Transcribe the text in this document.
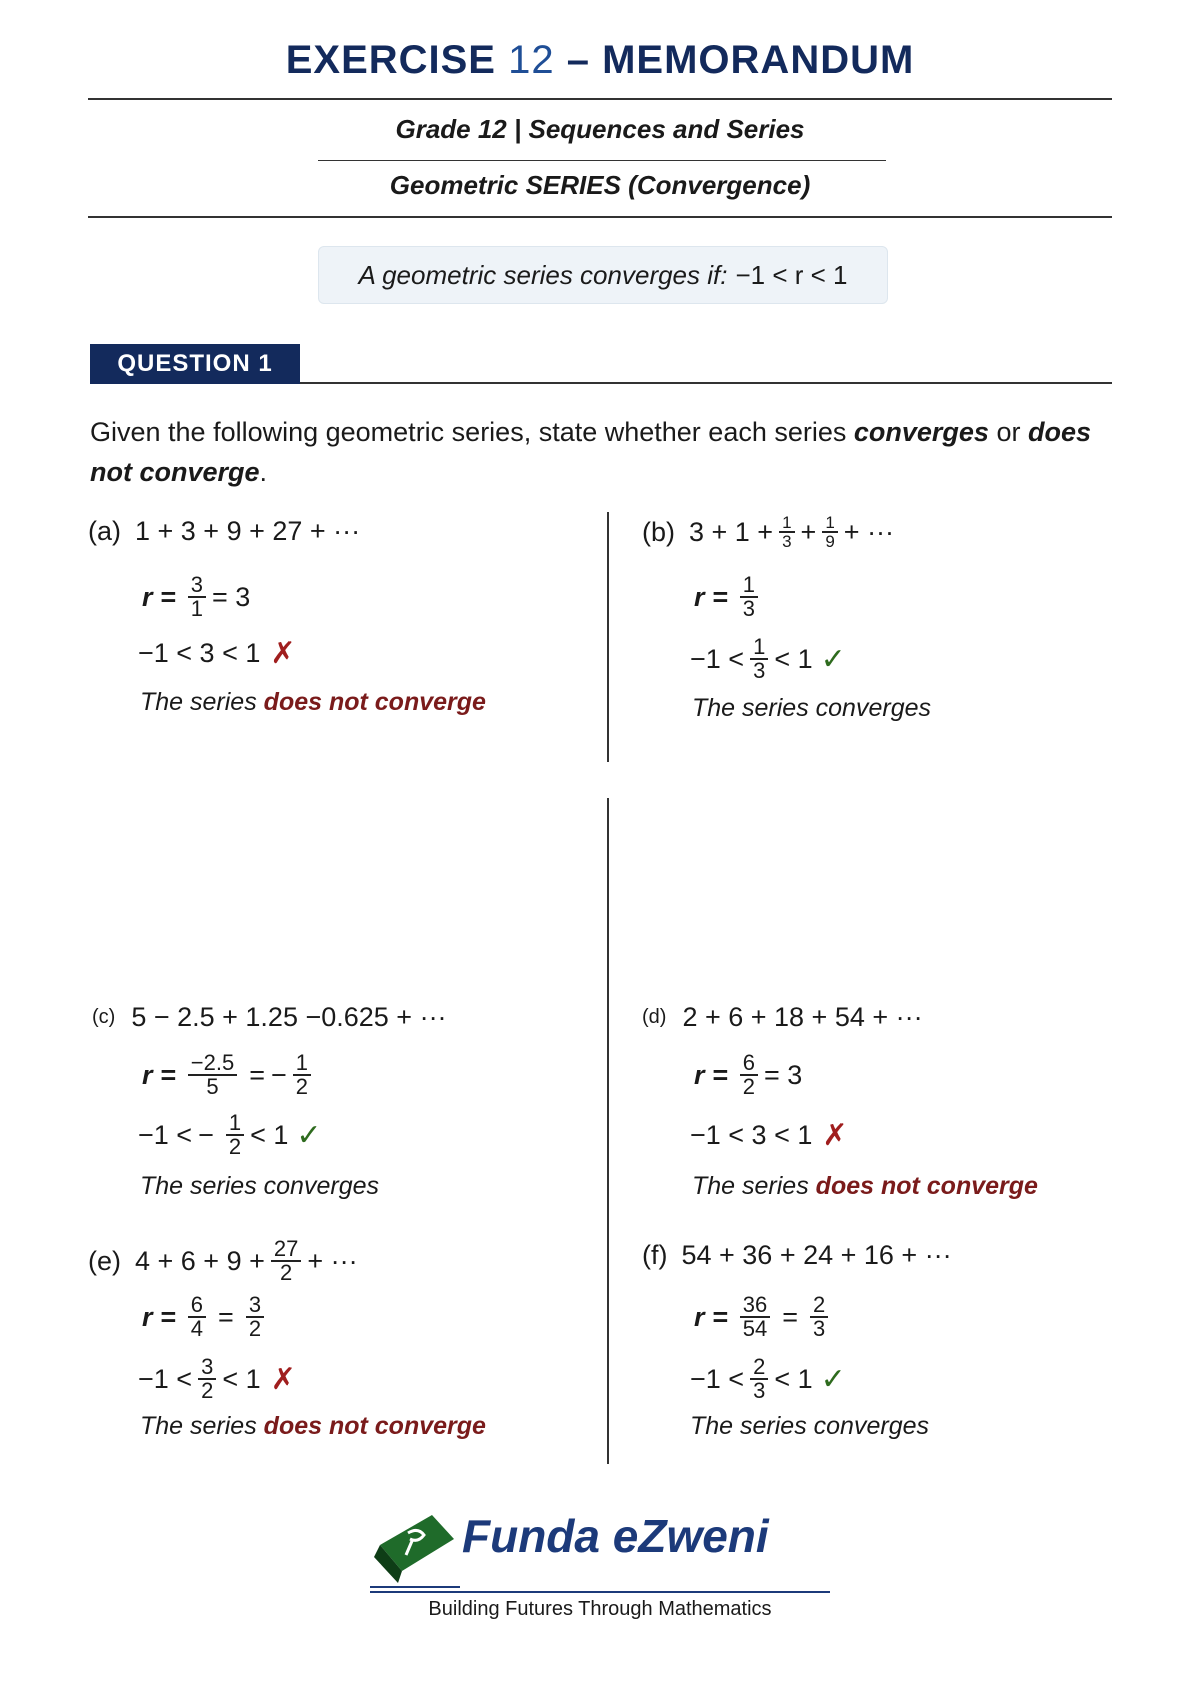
EXERCISE 12 – MEMORANDUM
Grade 12 | Sequences and Series
Geometric SERIES (Convergence)
A geometric series converges if: −1 < r < 1
QUESTION 1
Given the following geometric series, state whether each series converges or does not converge.
(a) 1 + 3 + 9 + 27 + ···
$r = \frac{3}{1} = 3$
−1 < 3 < 1 ✗
The series does not converge
(b) $3 + 1 + \frac{1}{3} + \frac{1}{9}$ + ···
$r = \frac{1}{3}$
$-1 < \frac{1}{3} < 1$ ✓
The series converges
(c) 5 − 2.5 + 1.25 −0.625 + ···
$r = \frac{-2.5}{5}$ = − $\frac{1}{2}$
−1 < − $\frac{1}{2} < 1$ ✓
The series converges
(d) 2 + 6 + 18 + 54 + ···
$r = \frac{6}{2} = 3$
−1 < 3 < 1 ✗
The series does not converge
(e) $4 + 6 + 9 + \frac{27}{2}$ + ···
$r = \frac{6}{4} = \frac{3}{2}$
$-1 < \frac{3}{2} < 1$ ✗
The series does not converge
(f) 54 + 36 + 24 + 16 + ···
$r = \frac{36}{54} = \frac{2}{3}$
$-1 < \frac{2}{3} < 1$ ✓
The series converges
Funda eZweni
Building Futures Through Mathematics
